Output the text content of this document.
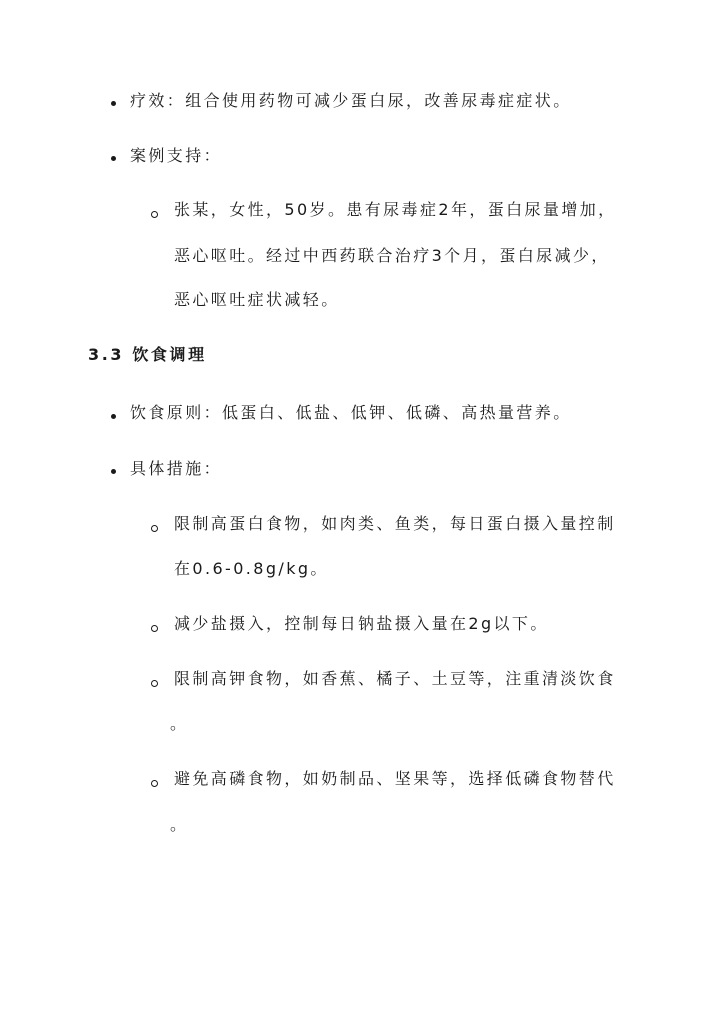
疗效：组合使用药物可减少蛋白尿，改善尿毒症症状。
案例支持：
张某，女性，50岁。患有尿毒症2年，蛋白尿量增加，
恶心呕吐。经过中西药联合治疗3个月，蛋白尿减少，
恶心呕吐症状减轻。
3.3 饮食调理
饮食原则：低蛋白、低盐、低钾、低磷、高热量营养。
具体措施：
限制高蛋白食物，如肉类、鱼类，每日蛋白摄入量控制
在0.6-0.8g/kg。
减少盐摄入，控制每日钠盐摄入量在2g以下。
限制高钾食物，如香蕉、橘子、土豆等，注重清淡饮食
。
避免高磷食物，如奶制品、坚果等，选择低磷食物替代
。
